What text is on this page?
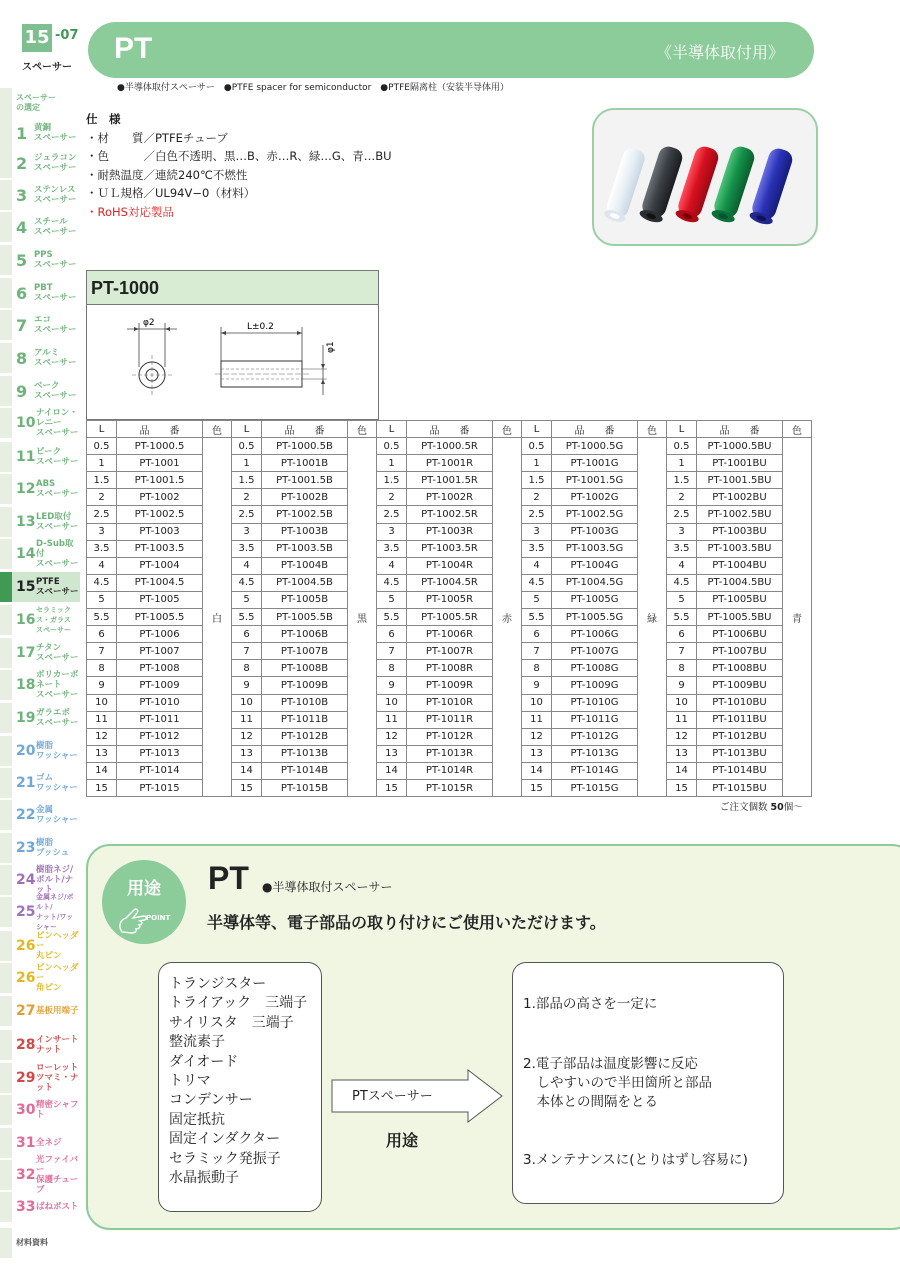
15 -07
スペーサー
スペーサー
の選定
1 黄銅
スペーサー
2 ジュラコン
スペーサー
3 ステンレス
スペーサー
4 スチール
スペーサー
5 PPS
スペーサー
6 PBT
スペーサー
7 エコ
スペーサー
8 アルミ
スペーサー
9 ベーク
スペーサー
10
ナイロン・レニー
スペーサー
11 ピーク
スペーサー
12 ABS
スペーサー
13 LED取付
スペーサー
14
D-Sub取付
スペーサー
15 PTFE
スペーサー
16
セラミックス・ガラス
スペーサー
17 チタン
スペーサー
18
ポリカーボネート
スペーサー
19 ガラエポ
スペーサー
20 樹脂
ワッシャー
21 ゴム
ワッシャー
22 金属
ワッシャー
23 樹脂
ブッシュ
24
樹脂ネジ/
ボルト/ナット
25
金属ネジ/ボルト/
ナット/ワッシャー
26
ピンヘッダー
丸ピン
26
ピンヘッダー
角ピン
27 基板用端子
28 インサート
ナット
29
ローレット
ツマミ・ナット
30 精密シャフト
31 全ネジ
32
光ファイバー
保護チューブ
33 ばねポスト
材料資料
PT	《半導体取付用》
●半導体取付スペーサー　●PTFE spacer for semiconductor　●PTFE隔离柱（安装半导体用）
仕　様
・材　　質／PTFEチューブ
・色　　　／白色不透明、黒…B、赤…R、緑…G、青…BU
・耐熱温度／連続240℃不燃性
・ＵＬ規格／UL94V−0（材料）
・RoHS対応製品
PT-1000
φ2	L±0.2
φ1
L	品　　番	色	L	品　　番	色	L	品　　番	色	L	品　　番	色	L	品　　番	色
0.5	PT-1000.5	白	0.5	PT-1000.5B	黒	0.5	PT-1000.5R	赤	0.5	PT-1000.5G	緑	0.5	PT-1000.5BU	青
1	PT-1001		1	PT-1001B		1	PT-1001R		1	PT-1001G		1	PT-1001BU	
1.5	PT-1001.5		1.5	PT-1001.5B		1.5	PT-1001.5R		1.5	PT-1001.5G		1.5	PT-1001.5BU	
2	PT-1002		2	PT-1002B		2	PT-1002R		2	PT-1002G		2	PT-1002BU	
2.5	PT-1002.5		2.5	PT-1002.5B		2.5	PT-1002.5R		2.5	PT-1002.5G		2.5	PT-1002.5BU	
3	PT-1003		3	PT-1003B		3	PT-1003R		3	PT-1003G		3	PT-1003BU	
3.5	PT-1003.5		3.5	PT-1003.5B		3.5	PT-1003.5R		3.5	PT-1003.5G		3.5	PT-1003.5BU	
4	PT-1004		4	PT-1004B		4	PT-1004R		4	PT-1004G		4	PT-1004BU	
4.5	PT-1004.5		4.5	PT-1004.5B		4.5	PT-1004.5R		4.5	PT-1004.5G		4.5	PT-1004.5BU	
5	PT-1005		5	PT-1005B		5	PT-1005R		5	PT-1005G		5	PT-1005BU	
5.5	PT-1005.5		5.5	PT-1005.5B		5.5	PT-1005.5R		5.5	PT-1005.5G		5.5	PT-1005.5BU	
6	PT-1006		6	PT-1006B		6	PT-1006R		6	PT-1006G		6	PT-1006BU	
7	PT-1007		7	PT-1007B		7	PT-1007R		7	PT-1007G		7	PT-1007BU	
8	PT-1008		8	PT-1008B		8	PT-1008R		8	PT-1008G		8	PT-1008BU	
9	PT-1009		9	PT-1009B		9	PT-1009R		9	PT-1009G		9	PT-1009BU	
10	PT-1010		10	PT-1010B		10	PT-1010R		10	PT-1010G		10	PT-1010BU	
11	PT-1011		11	PT-1011B		11	PT-1011R		11	PT-1011G		11	PT-1011BU	
12	PT-1012		12	PT-1012B		12	PT-1012R		12	PT-1012G		12	PT-1012BU	
13	PT-1013		13	PT-1013B		13	PT-1013R		13	PT-1013G		13	PT-1013BU	
14	PT-1014		14	PT-1014B		14	PT-1014R		14	PT-1014G		14	PT-1014BU	
15	PT-1015		15	PT-1015B		15	PT-1015R		15	PT-1015G		15	PT-1015BU	
ご注文個数 50個〜
用途
POINT
PT ●半導体取付スペーサー
半導体等、電子部品の取り付けにご使用いただけます。
トランジスター
トライアック　三端子
サイリスタ　三端子
整流素子
ダイオード
トリマ
コンデンサー
固定抵抗
固定インダクター
セラミック発振子
水晶振動子
PTスペーサー
用途
1.部品の高さを一定に
2.電子部品は温度影響に反応
　しやすいので半田箇所と部品
　本体との間隔をとる
3.メンテナンスに(とりはずし容易に)
